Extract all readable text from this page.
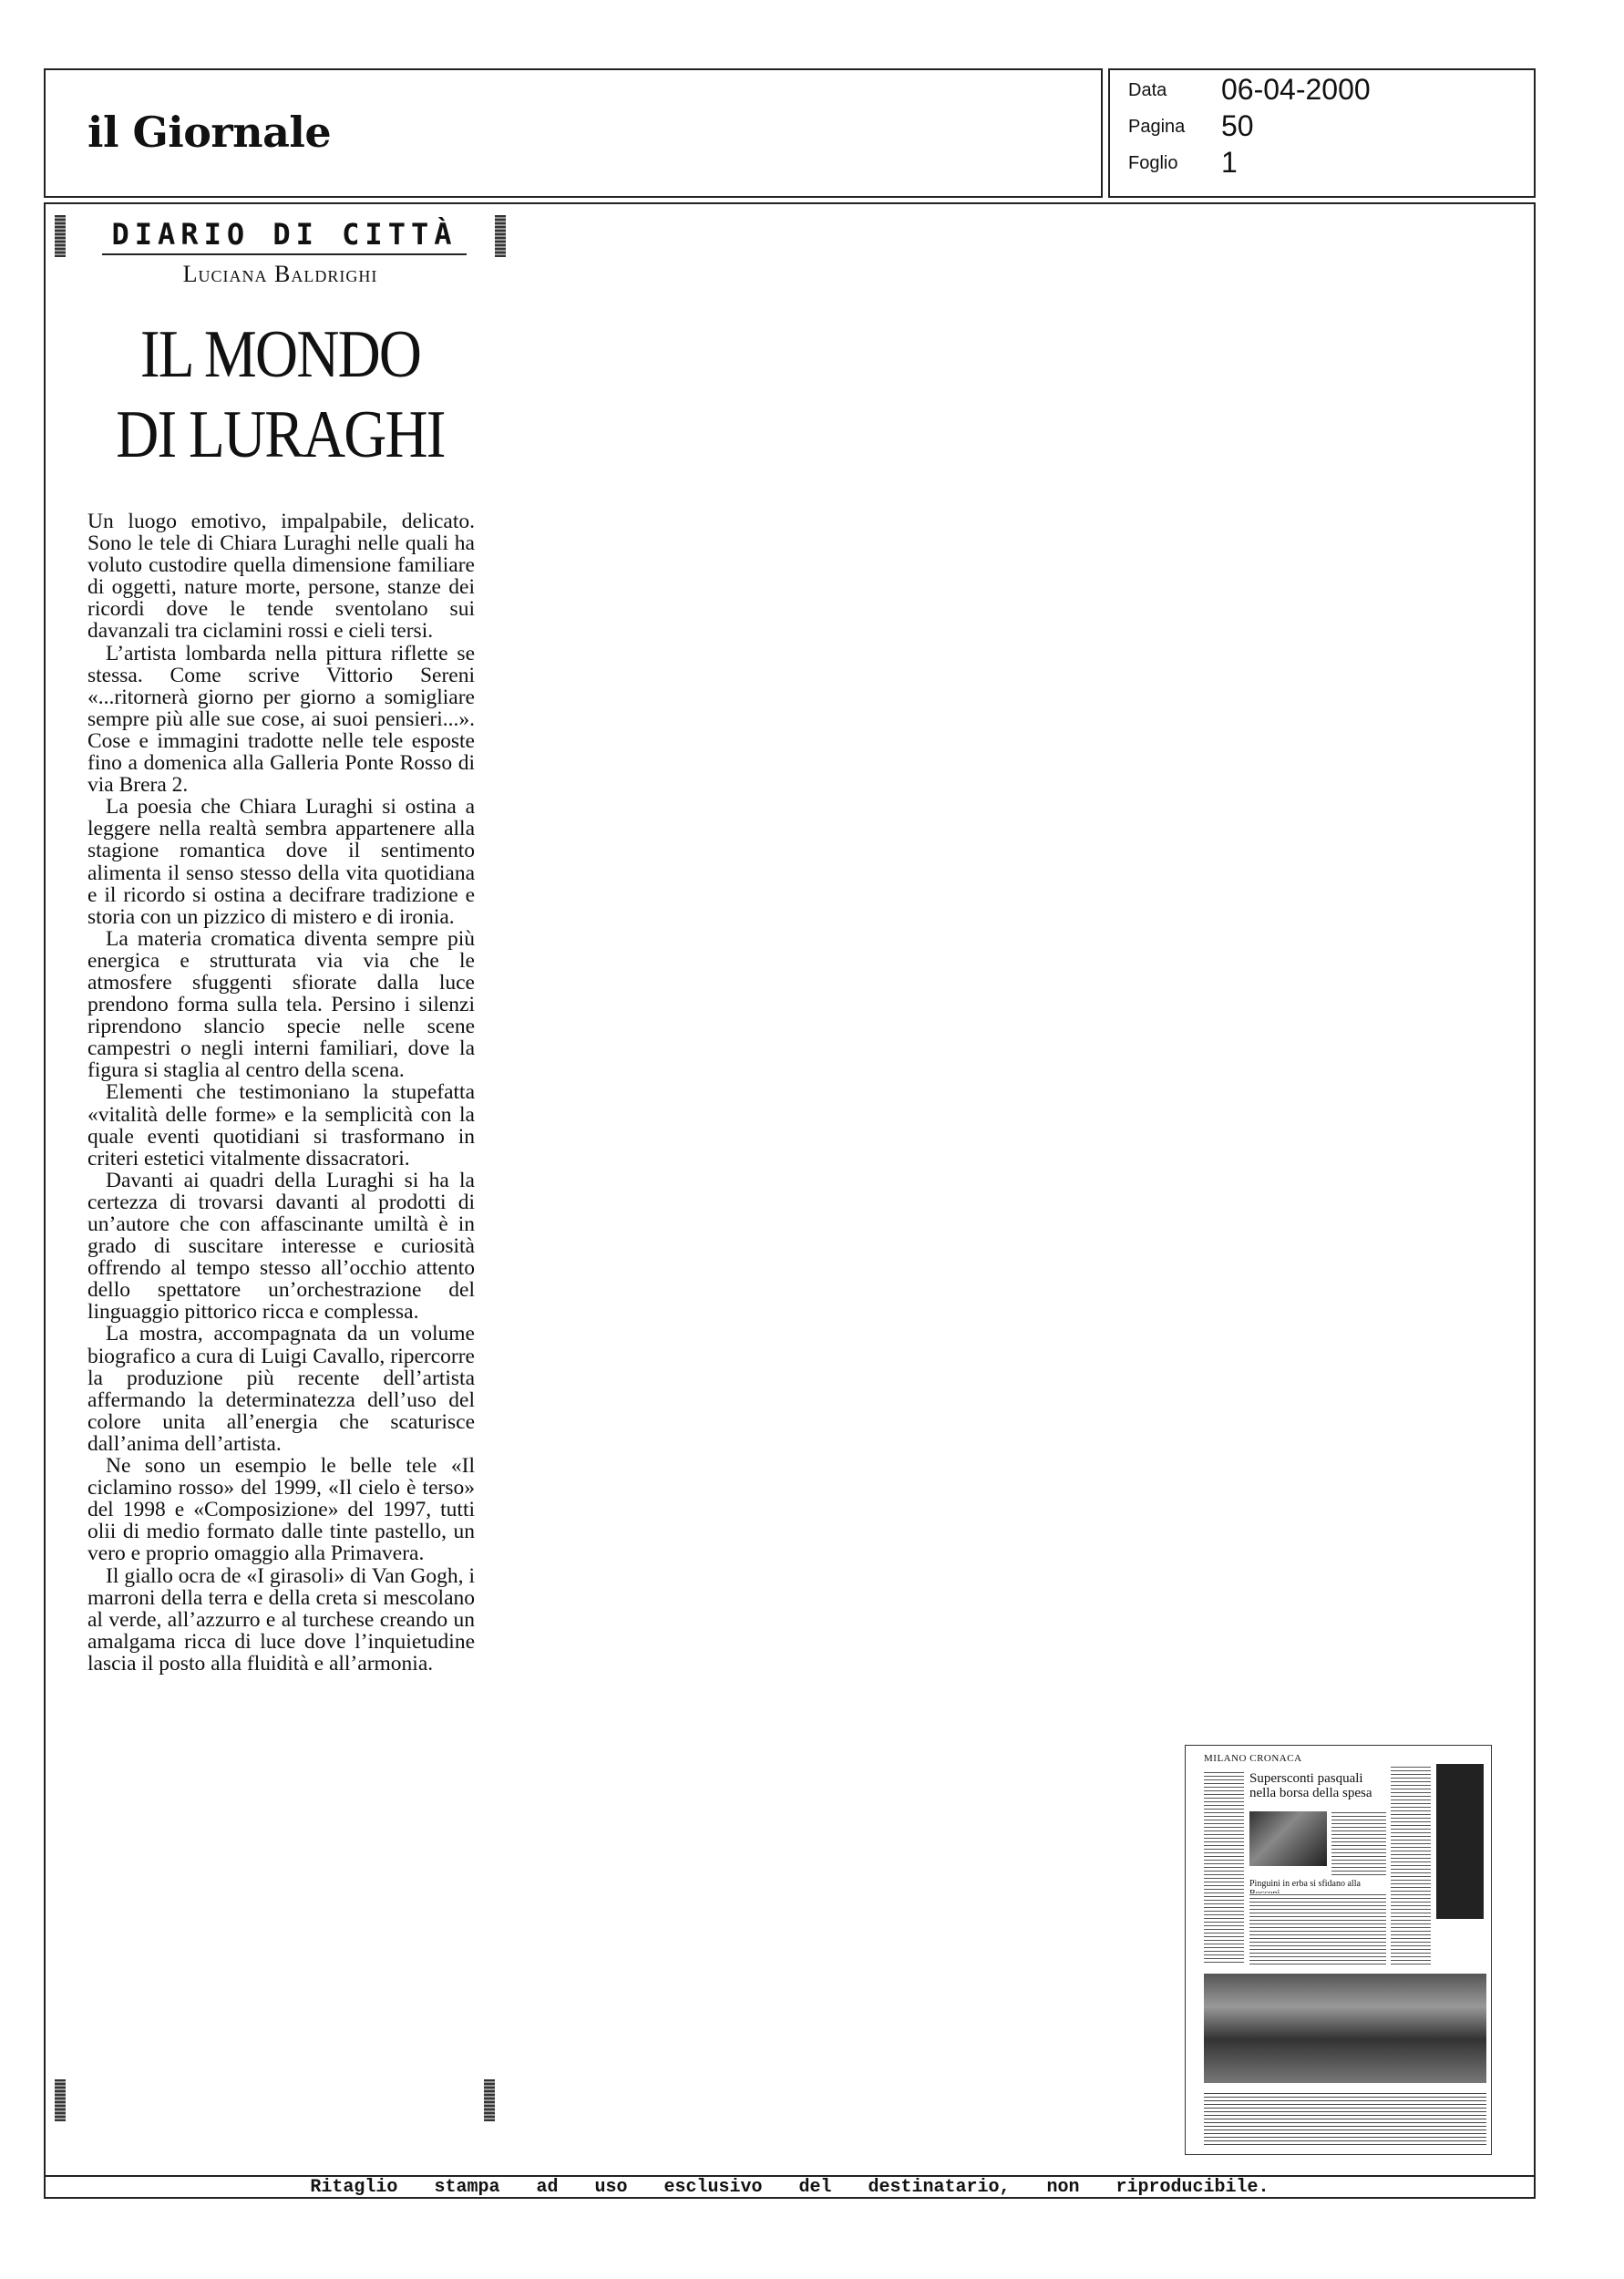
il Giornale
Data 06-04-2000
Pagina 50
Foglio 1
DIARIO DI CITTÀ
Luciana Baldrighi
IL MONDO
DI LURAGHI

Un luogo emotivo, impalpabile, delicato. Sono le tele di Chiara Luraghi nelle quali ha voluto custodire quella dimensione familiare di oggetti, nature morte, persone, stanze dei ricordi dove le tende sventolano sui davanzali tra ciclamini rossi e cieli tersi.

L’artista lombarda nella pittura riflette se stessa. Come scrive Vittorio Sereni «...ritornerà giorno per giorno a somigliare sempre più alle sue cose, ai suoi pensieri...». Cose e immagini tradotte nelle tele esposte fino a domenica alla Galleria Ponte Rosso di via Brera 2.

La poesia che Chiara Luraghi si ostina a leggere nella realtà sembra appartenere alla stagione romantica dove il sentimento alimenta il senso stesso della vita quotidiana e il ricordo si ostina a decifrare tradizione e storia con un pizzico di mistero e di ironia.

La materia cromatica diventa sempre più energica e strutturata via via che le atmosfere sfuggenti sfiorate dalla luce prendono forma sulla tela. Persino i silenzi riprendono slancio specie nelle scene campestri o negli interni familiari, dove la figura si staglia al centro della scena.

Elementi che testimoniano la stupefatta «vitalità delle forme» e la semplicità con la quale eventi quotidiani si trasformano in criteri estetici vitalmente dissacratori.

Davanti ai quadri della Luraghi si ha la certezza di trovarsi davanti al prodotti di un’autore che con affascinante umiltà è in grado di suscitare interesse e curiosità offrendo al tempo stesso all’occhio attento dello spettatore un’orchestrazione del linguaggio pittorico ricca e complessa.

La mostra, accompagnata da un volume biografico a cura di Luigi Cavallo, ripercorre la produzione più recente dell’artista affermando la determinatezza dell’uso del colore unita all’energia che scaturisce dall’anima dell’artista.

Ne sono un esempio le belle tele «Il ciclamino rosso» del 1999, «Il cielo è terso» del 1998 e «Composizione» del 1997, tutti olii di medio formato dalle tinte pastello, un vero e proprio omaggio alla Primavera.

Il giallo ocra de «I girasoli» di Van Gogh, i marroni della terra e della creta si mescolano al verde, all’azzurro e al turchese creando un amalgama ricca di luce dove l’inquietudine lascia il posto alla fluidità e all’armonia.

MILANO CRONACA
Supersconti pasquali nella borsa della spesa
Pinguini in erba si sfidano alla
Ritaglio stampa ad uso esclusivo del destinatario, non riproducibile.
